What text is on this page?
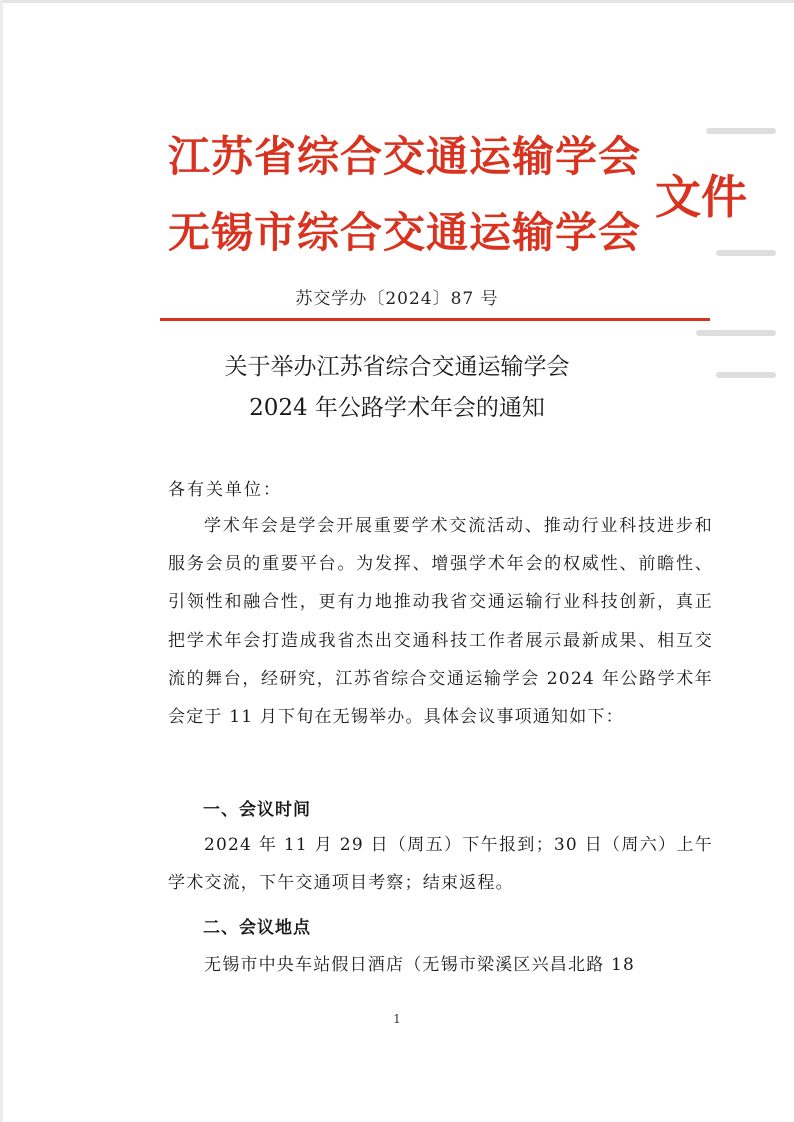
江苏省综合交通运输学会
无锡市综合交通运输学会
文件
苏交学办〔2024〕87 号
关于举办江苏省综合交通运输学会
2024 年公路学术年会的通知
各有关单位：
学术年会是学会开展重要学术交流活动、推动行业科技进步和服务会员的重要平台。为发挥、增强学术年会的权威性、前瞻性、引领性和融合性，更有力地推动我省交通运输行业科技创新，真正把学术年会打造成我省杰出交通科技工作者展示最新成果、相互交流的舞台，经研究，江苏省综合交通运输学会 2024 年公路学术年会定于 11 月下旬在无锡举办。具体会议事项通知如下：
一、会议时间
2024 年 11 月 29 日（周五）下午报到；30 日（周六）上午学术交流，下午交通项目考察；结束返程。
二、会议地点
无锡市中央车站假日酒店（无锡市梁溪区兴昌北路 18
1
